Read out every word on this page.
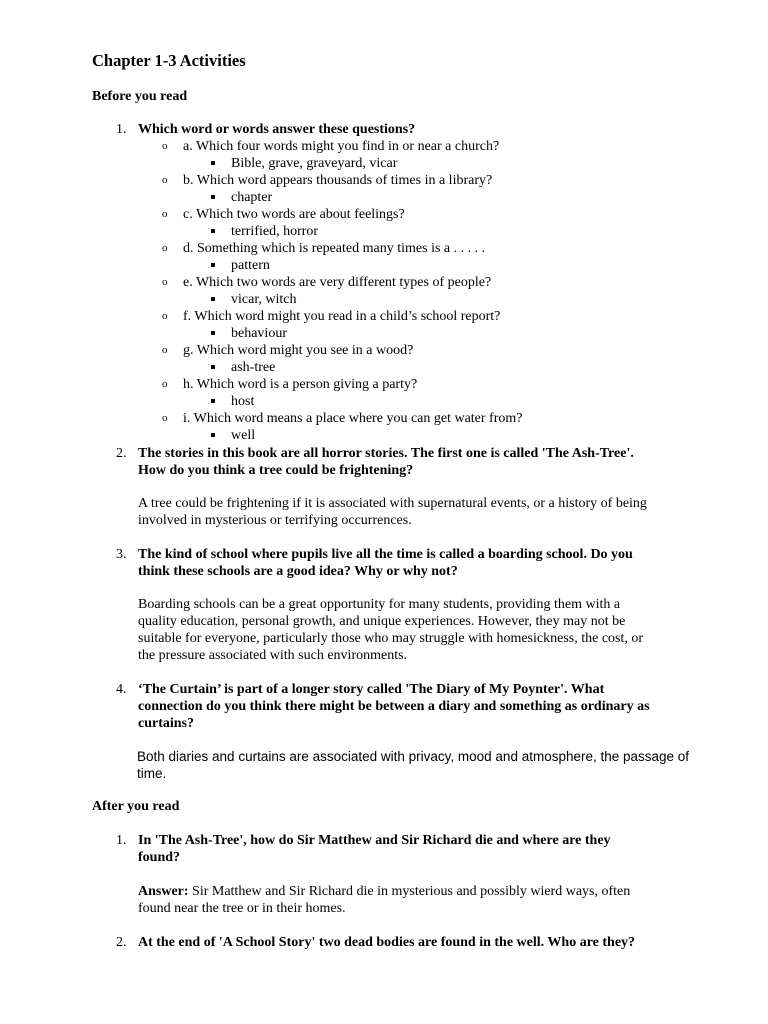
Chapter 1-3 Activities
Before you read
1. Which word or words answer these questions?
o a. Which four words might you find in or near a church?
Bible, grave, graveyard, vicar
o b. Which word appears thousands of times in a library?
chapter
o c. Which two words are about feelings?
terrified, horror
o d. Something which is repeated many times is a . . . . .
pattern
o e. Which two words are very different types of people?
vicar, witch
o f. Which word might you read in a child’s school report?
behaviour
o g. Which word might you see in a wood?
ash-tree
o h. Which word is a person giving a party?
host
o i. Which word means a place where you can get water from?
well
2. The stories in this book are all horror stories. The first one is called 'The Ash-Tree'.
How do you think a tree could be frightening?
A tree could be frightening if it is associated with supernatural events, or a history of being
involved in mysterious or terrifying occurrences.
3. The kind of school where pupils live all the time is called a boarding school. Do you
think these schools are a good idea? Why or why not?
Boarding schools can be a great opportunity for many students, providing them with a
quality education, personal growth, and unique experiences. However, they may not be
suitable for everyone, particularly those who may struggle with homesickness, the cost, or
the pressure associated with such environments.
4. ‘The Curtain’ is part of a longer story called 'The Diary of My Poynter'. What
connection do you think there might be between a diary and something as ordinary as
curtains?
Both diaries and curtains are associated with privacy, mood and atmosphere, the passage of
time.
After you read
1. In 'The Ash-Tree', how do Sir Matthew and Sir Richard die and where are they
found?
Answer: Sir Matthew and Sir Richard die in mysterious and possibly wierd ways, often
found near the tree or in their homes.
2. At the end of 'A School Story' two dead bodies are found in the well. Who are they?
